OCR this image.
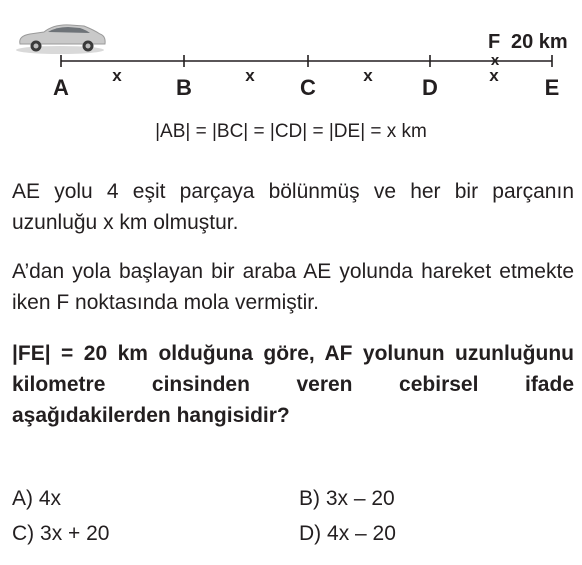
x	x	x	x
x
F 20 km
A	B	C	D	E
|AB| = |BC| = |CD| = |DE| = x km

AE yolu 4 eşit parçaya bölünmüş ve her bir parçanın uzunluğu x km olmuştur.

A’dan yola başlayan bir araba AE yolunda hareket etmekte iken F noktasında mola vermiştir.

|FE| = 20 km olduğuna göre, AF yolunun uzunluğunu kilometre cinsinden veren cebirsel ifade aşağıdakilerden hangisidir?

A) 4x	B) 3x – 20
C) 3x + 20	D) 4x – 20
